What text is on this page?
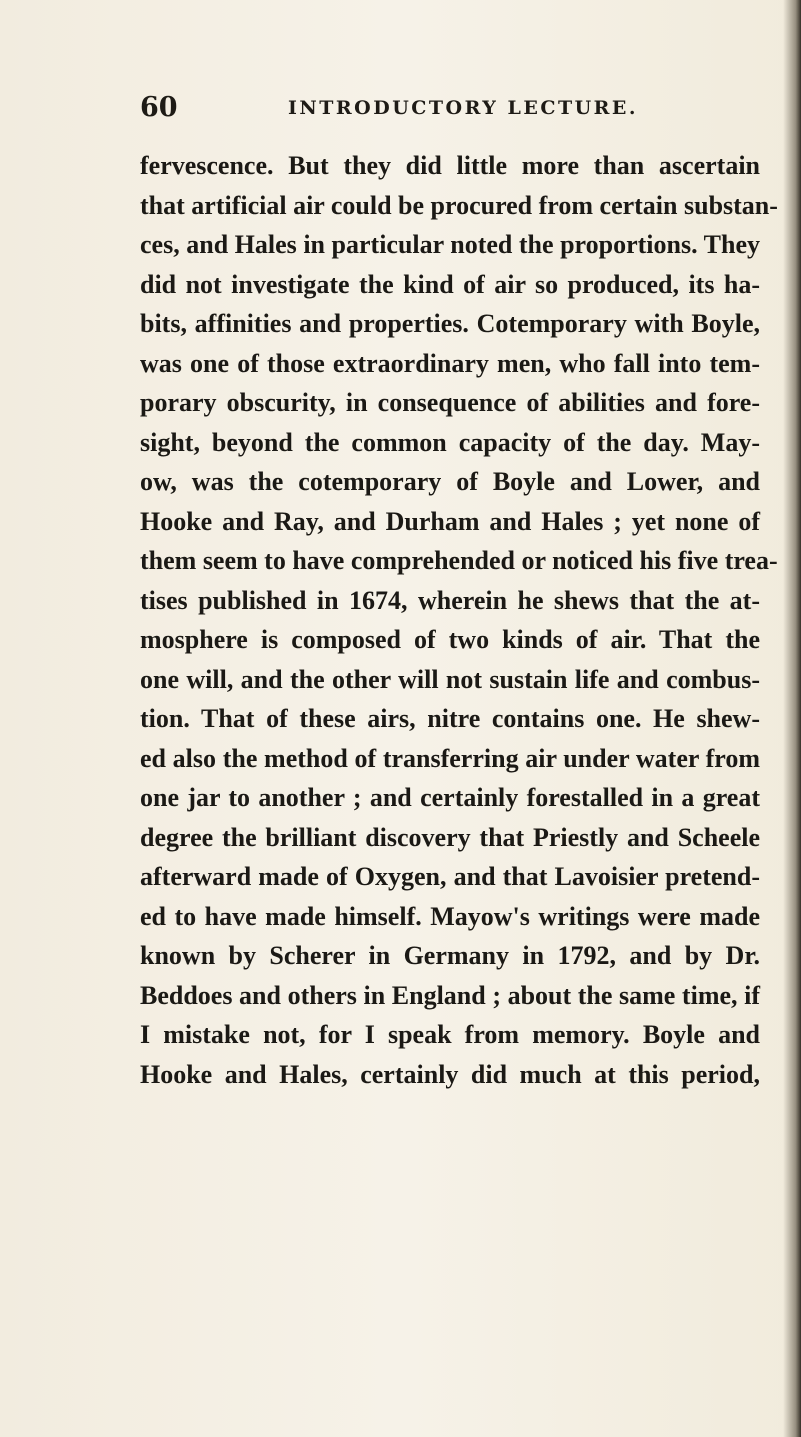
60	INTRODUCTORY LECTURE.
fervescence. But they did little more than ascertain
that artificial air could be procured from certain substan-
ces, and Hales in particular noted the proportions. They
did not investigate the kind of air so produced, its ha-
bits, affinities and properties. Cotemporary with Boyle,
was one of those extraordinary men, who fall into tem-
porary obscurity, in consequence of abilities and fore-
sight, beyond the common capacity of the day. May-
ow, was the cotemporary of Boyle and Lower, and
Hooke and Ray, and Durham and Hales ; yet none of
them seem to have comprehended or noticed his five trea-
tises published in 1674, wherein he shews that the at-
mosphere is composed of two kinds of air. That the
one will, and the other will not sustain life and combus-
tion. That of these airs, nitre contains one. He shew-
ed also the method of transferring air under water from
one jar to another ; and certainly forestalled in a great
degree the brilliant discovery that Priestly and Scheele
afterward made of Oxygen, and that Lavoisier pretend-
ed to have made himself. Mayow's writings were made
known by Scherer in Germany in 1792, and by Dr.
Beddoes and others in England ; about the same time, if
I mistake not, for I speak from memory. Boyle and
Hooke and Hales, certainly did much at this period,
